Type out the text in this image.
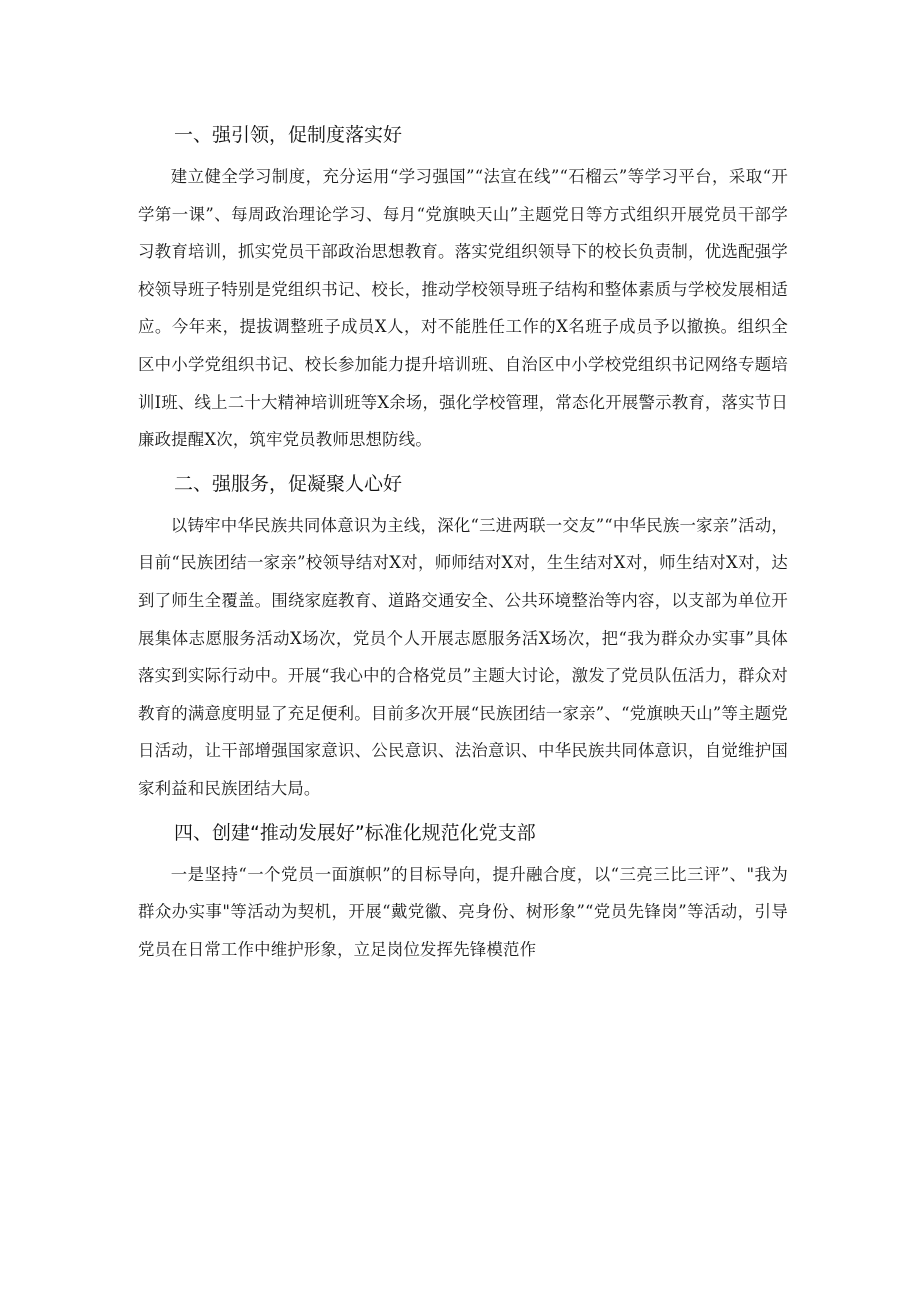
一、强引领，促制度落实好

建立健全学习制度，充分运用“学习强国”“法宣在线”“石榴云”等学习平台，采取“开学第一课”、每周政治理论学习、每月“党旗映天山”主题党日等方式组织开展党员干部学习教育培训，抓实党员干部政治思想教育。落实党组织领导下的校长负责制，优选配强学校领导班子特别是党组织书记、校长，推动学校领导班子结构和整体素质与学校发展相适应。今年来，提拔调整班子成员X人，对不能胜任工作的X名班子成员予以撤换。组织全区中小学党组织书记、校长参加能力提升培训班、自治区中小学校党组织书记网络专题培训I班、线上二十大精神培训班等X余场，强化学校管理，常态化开展警示教育，落实节日廉政提醒X次，筑牢党员教师思想防线。

二、强服务，促凝聚人心好

以铸牢中华民族共同体意识为主线，深化“三进两联一交友”“中华民族一家亲”活动，目前“民族团结一家亲”校领导结对X对，师师结对X对，生生结对X对，师生结对X对，达到了师生全覆盖。围绕家庭教育、道路交通安全、公共环境整治等内容，以支部为单位开展集体志愿服务活动X场次，党员个人开展志愿服务活X场次，把“我为群众办实事”具体落实到实际行动中。开展“我心中的合格党员”主题大讨论，激发了党员队伍活力，群众对教育的满意度明显了充足便利。目前多次开展“民族团结一家亲”、“党旗映天山”等主题党日活动，让干部增强国家意识、公民意识、法治意识、中华民族共同体意识，自觉维护国家利益和民族团结大局。

四、创建“推动发展好”标准化规范化党支部

一是坚持“一个党员一面旗帜”的目标导向，提升融合度，以“三亮三比三评”、"我为群众办实事"等活动为契机，开展“戴党徽、亮身份、树形象”“党员先锋岗”等活动，引导党员在日常工作中维护形象，立足岗位发挥先锋模范作
